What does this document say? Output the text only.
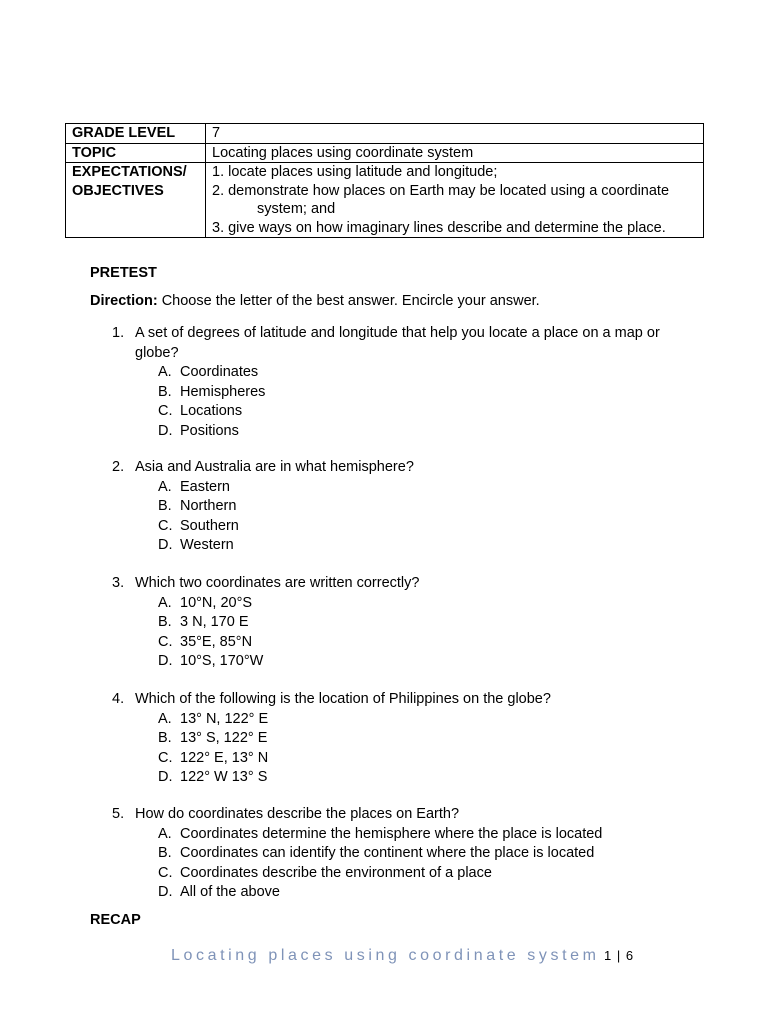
GRADE LEVEL	7
TOPIC	Locating places using coordinate system

EXPECTATIONS/
OBJECTIVES	1. locate places using latitude and longitude;
2. demonstrate how places on Earth may be located using a coordinate
system; and
3. give ways on how imaginary lines describe and determine the place.
PRETEST
Direction: Choose the letter of the best answer. Encircle your answer.
1. A set of degrees of latitude and longitude that help you locate a place on a map or globe?
A. Coordinates
B. Hemispheres
C. Locations
D. Positions
2. Asia and Australia are in what hemisphere?
A. Eastern
B. Northern
C. Southern
D. Western
3. Which two coordinates are written correctly?
A. 10°N, 20°S
B. 3 N, 170 E
C. 35°E, 85°N
D. 10°S, 170°W
4. Which of the following is the location of Philippines on the globe?
A. 13° N, 122° E
B. 13° S, 122° E
C. 122° E, 13° N
D. 122° W 13° S
5. How do coordinates describe the places on Earth?
A. Coordinates determine the hemisphere where the place is located
B. Coordinates can identify the continent where the place is located
C. Coordinates describe the environment of a place
D. All of the above
RECAP
Locating places using coordinate system 1 | 6
